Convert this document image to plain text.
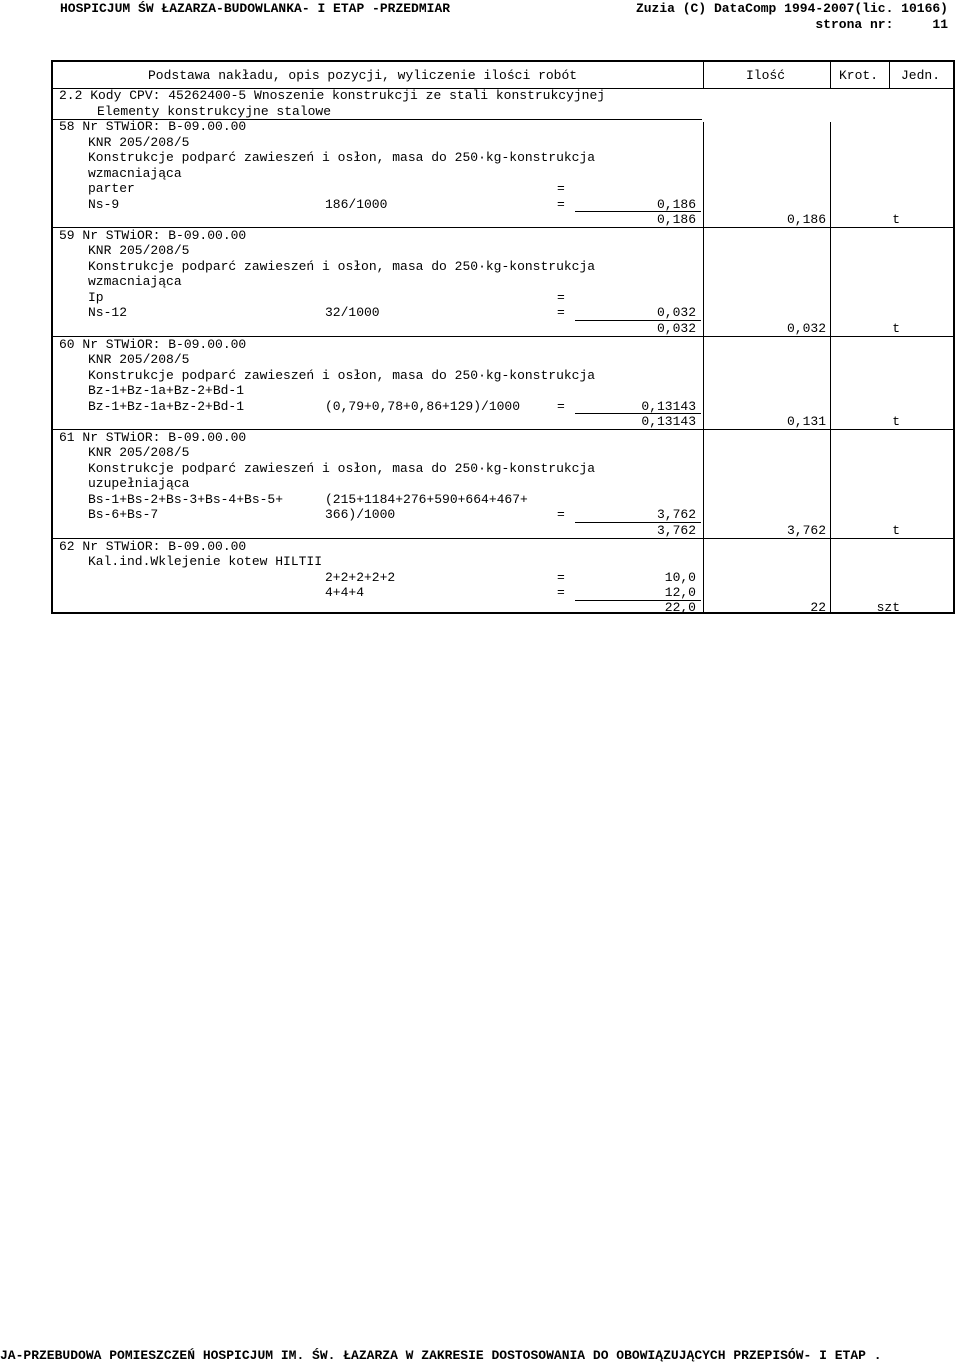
HOSPICJUM ŚW ŁAZARZA-BUDOWLANKA- I ETAP -PRZEDMIAR	Zuzia (C) DataComp 1994-2007(lic. 10166)
strona nr:	11
Podstawa nakładu, opis pozycji, wyliczenie ilości robót	Ilość	Krot. Jedn.
2.2 Kody CPV: 45262400-5 Wnoszenie konstrukcji ze stali konstrukcyjnej
Elementy konstrukcyjne stalowe
58 Nr STWiOR: B-09.00.00
KNR 205/208/5
Konstrukcje podparć zawieszeń i osłon, masa do 250·kg-konstrukcja
wzmacniająca
parter	=
Ns-9	186/1000	=	0,186
0,186	0,186	t
59 Nr STWiOR: B-09.00.00
KNR 205/208/5
Konstrukcje podparć zawieszeń i osłon, masa do 250·kg-konstrukcja
wzmacniająca
Ip	=
Ns-12	32/1000	=	0,032
0,032	0,032	t
60 Nr STWiOR: B-09.00.00
KNR 205/208/5
Konstrukcje podparć zawieszeń i osłon, masa do 250·kg-konstrukcja
Bz-1+Bz-1a+Bz-2+Bd-1
Bz-1+Bz-1a+Bz-2+Bd-1	(0,79+0,78+0,86+129)/1000	=	0,13143
0,13143	0,131	t
61 Nr STWiOR: B-09.00.00
KNR 205/208/5
Konstrukcje podparć zawieszeń i osłon, masa do 250·kg-konstrukcja
uzupełniająca
Bs-1+Bs-2+Bs-3+Bs-4+Bs-5+	(215+1184+276+590+664+467+
Bs-6+Bs-7	366)/1000	=	3,762
3,762	3,762	t
62 Nr STWiOR: B-09.00.00
Kal.ind.Wklejenie kotew HILTII
2+2+2+2+2	=	10,0
4+4+4	=	12,0
22,0	22	szt
JA-PRZEBUDOWA POMIESZCZEŃ HOSPICJUM IM. ŚW. ŁAZARZA W ZAKRESIE DOSTOSOWANIA DO OBOWIĄZUJĄCYCH PRZEPISÓW- I ETAP .
